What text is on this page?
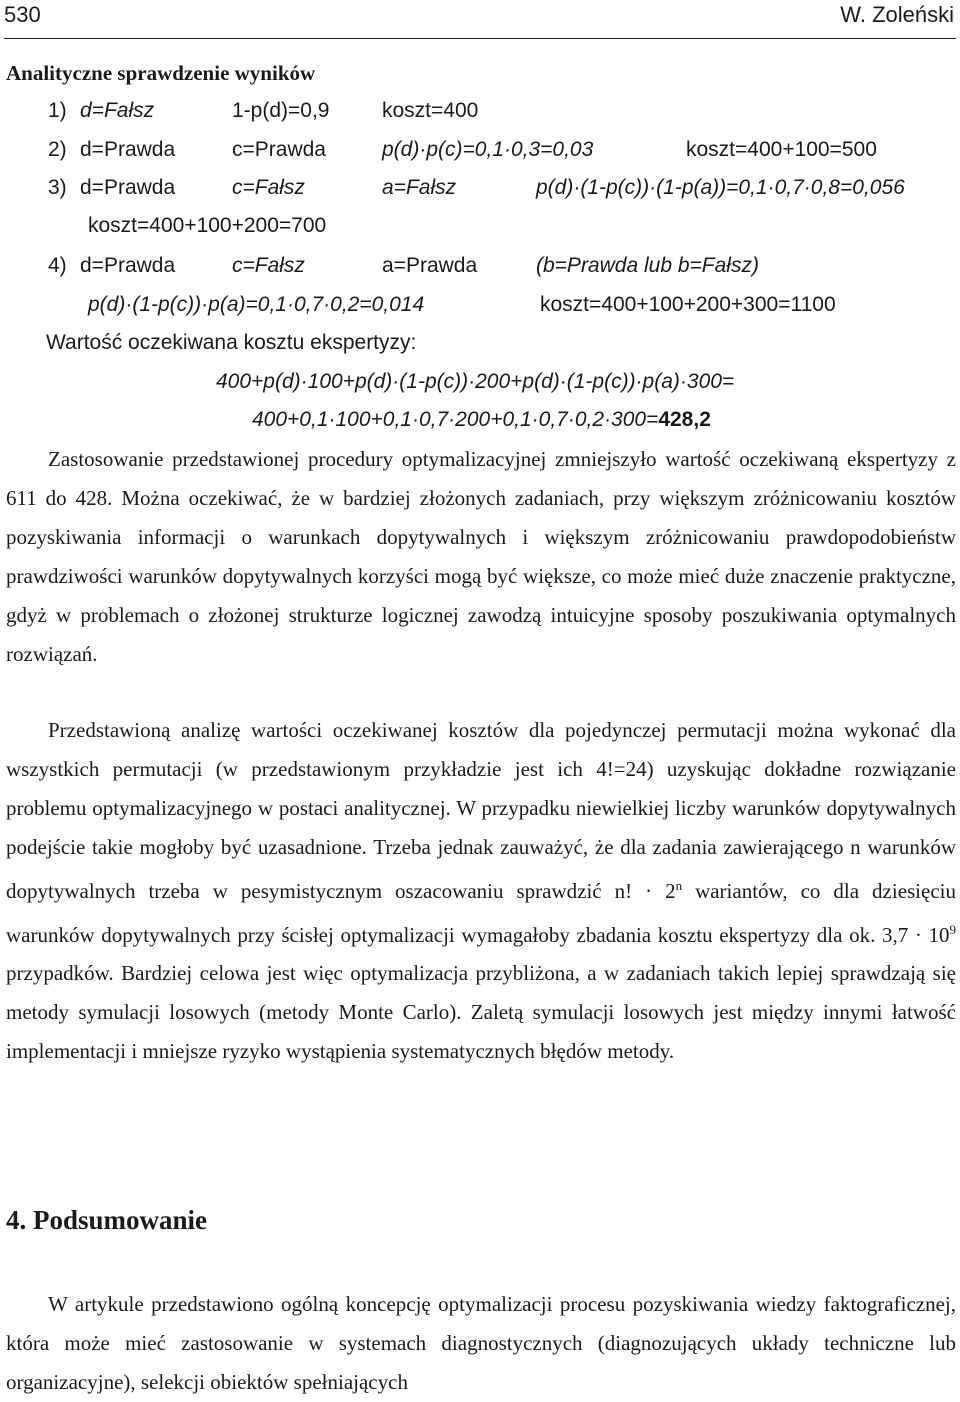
530	W. Zoleński
Analityczne sprawdzenie wyników
1) d=Fałsz	1-p(d)=0,9	koszt=400
2) d=Prawda	c=Prawda	p(d)·p(c)=0,1·0,3=0,03	koszt=400+100=500
3) d=Prawda	c=Fałsz	a=Fałsz	p(d)·(1-p(c))·(1-p(a))=0,1·0,7·0,8=0,056
koszt=400+100+200=700
4) d=Prawda	c=Fałsz	a=Prawda	(b=Prawda lub b=Fałsz)
p(d)·(1-p(c))·p(a)=0,1·0,7·0,2=0,014	koszt=400+100+200+300=1100
Wartość oczekiwana kosztu ekspertyzy:
400+p(d)·100+p(d)·(1-p(c))·200+p(d)·(1-p(c))·p(a)·300=
400+0,1·100+0,1·0,7·200+0,1·0,7·0,2·300=428,2
Zastosowanie przedstawionej procedury optymalizacyjnej zmniejszyło wartość oczekiwaną ekspertyzy z 611 do 428. Można oczekiwać, że w bardziej złożonych zadaniach, przy większym zróżnicowaniu kosztów pozyskiwania informacji o warunkach dopytywalnych i większym zróżnicowaniu prawdopodobieństw prawdziwości warunków dopytywalnych korzyści mogą być większe, co może mieć duże znaczenie praktyczne, gdyż w problemach o złożonej strukturze logicznej zawodzą intuicyjne sposoby poszukiwania optymalnych rozwiązań.
Przedstawioną analizę wartości oczekiwanej kosztów dla pojedynczej permutacji można wykonać dla wszystkich permutacji (w przedstawionym przykładzie jest ich 4!=24) uzyskując dokładne rozwiązanie problemu optymalizacyjnego w postaci analitycznej. W przypadku niewielkiej liczby warunków dopytywalnych podejście takie mogłoby być uzasadnione. Trzeba jednak zauważyć, że dla zadania zawierającego n warunków dopytywalnych trzeba w pesymistycznym oszacowaniu sprawdzić n! · $2^n$ wariantów, co dla dziesięciu warunków dopytywalnych przy ścisłej optymalizacji wymagałoby zbadania kosztu ekspertyzy dla ok. $3,7 \cdot 10^9$ przypadków. Bardziej celowa jest więc optymalizacja przybliżona, a w zadaniach takich lepiej sprawdzają się metody symulacji losowych (metody Monte Carlo). Zaletą symulacji losowych jest między innymi łatwość implementacji i mniejsze ryzyko wystąpienia systematycznych błędów metody.
4. Podsumowanie
W artykule przedstawiono ogólną koncepcję optymalizacji procesu pozyskiwania wiedzy faktograficznej, która może mieć zastosowanie w systemach diagnostycznych (diagnozujących układy techniczne lub organizacyjne), selekcji obiektów spełniających
